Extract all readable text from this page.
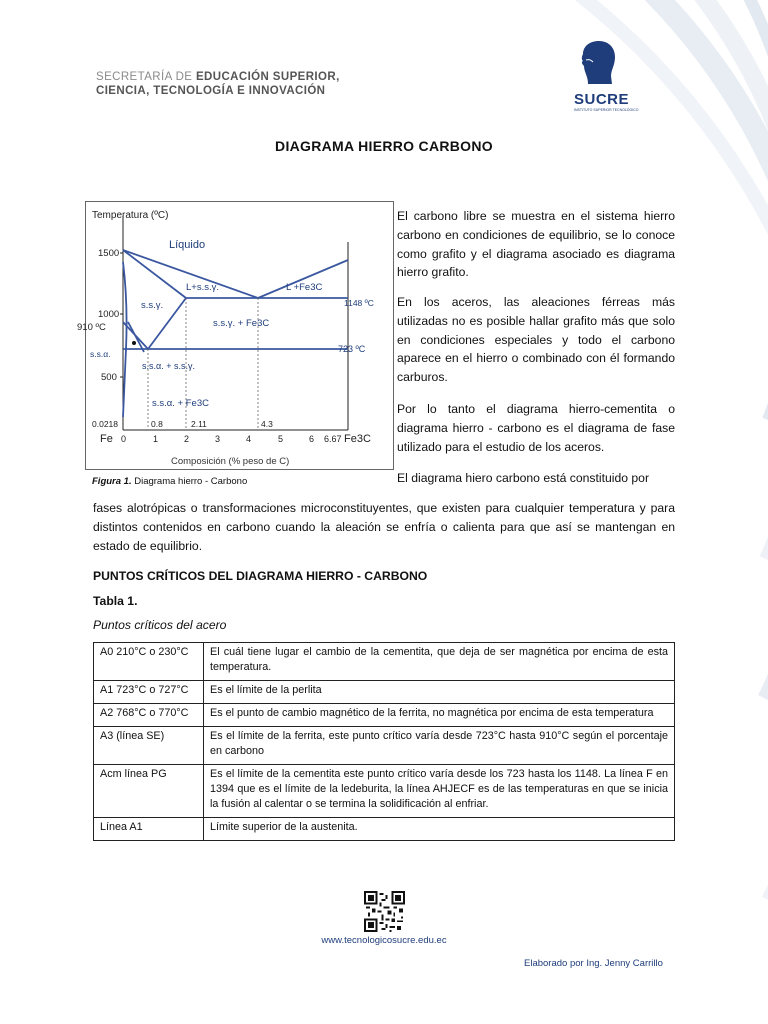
SECRETARÍA DE EDUCACIÓN SUPERIOR,
CIENCIA, TECNOLOGÍA E INNOVACIÓN	SUCRE
INSTITUTO SUPERIOR TECNOLÓGICO
DIAGRAMA HIERRO CARBONO
Temperatura (ºC)
Composición (% peso de C)
1500
1000
500
910 ºC
0	1	2	3	4	5	6 6.67
Fe	Fe3C
0.0218	0.8	2.11	4.3
Líquido
L+s.s.γ.	L +Fe3C
s.s.γ.
s.s.γ. + Fe3C
s.s.α. + s.s.γ.
s.s.α. + Fe3C
s.s.α.
1148 ºC
723 ºC
Figura 1. Diagrama hierro - Carbono
El carbono libre se muestra en el sistema hierro carbono en condiciones de equilibrio, se lo conoce como grafito y el diagrama asociado es diagrama hierro grafito.
En los aceros, las aleaciones férreas más utilizadas no es posible hallar grafito más que solo en condiciones especiales y todo el carbono aparece en el hierro o combinado con él formando carburos.
Por lo tanto el diagrama hierro-cementita o diagrama hierro - carbono es el diagrama de fase utilizado para el estudio de los aceros.
El diagrama hiero carbono está constituido por
fases alotrópicas o transformaciones microconstituyentes, que existen para cualquier temperatura y para distintos contenidos en carbono cuando la aleación se enfría o calienta para que así se mantengan en estado de equilibrio.
PUNTOS CRÍTICOS DEL DIAGRAMA HIERRO - CARBONO
Tabla 1.
Puntos críticos del acero
A0 210°C o 230°C	El cuál tiene lugar el cambio de la cementita, que deja de ser magnética por encima de esta temperatura.
A1 723°C o 727°C	Es el límite de la perlita
A2 768°C o 770°C	Es el punto de cambio magnético de la ferrita, no magnética por encima de esta temperatura
A3 (línea SE)	Es el límite de la ferrita, este punto crítico varía desde 723°C hasta 910°C según el porcentaje en carbono
Acm línea PG	Es el límite de la cementita este punto crítico varía desde los 723 hasta los 1148. La línea F en 1394 que es el límite de la ledeburita, la línea AHJECF es de las temperaturas en que se inicia la fusión al calentar o se termina la solidificación al enfriar.
Línea A1	Límite superior de la austenita.
www.tecnologicosucre.edu.ec
Elaborado por Ing. Jenny Carrillo
